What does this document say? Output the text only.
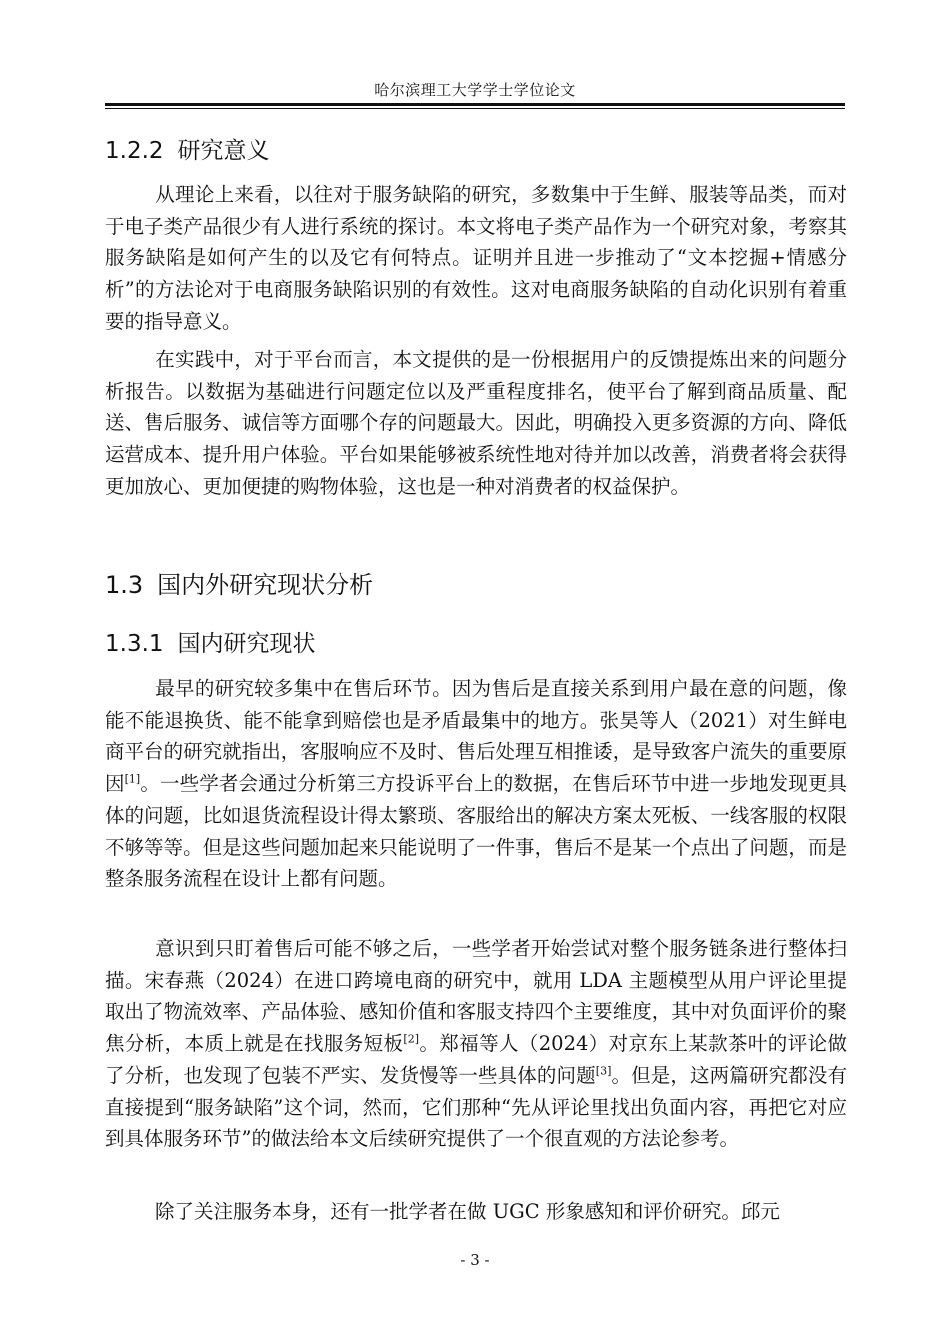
哈尔滨理工大学学士学位论文
1.2.2 研究意义

从理论上来看，以往对于服务缺陷的研究，多数集中于生鲜、服装等品类，而对于电子类产品很少有人进行系统的探讨。本文将电子类产品作为一个研究对象，考察其服务缺陷是如何产生的以及它有何特点。证明并且进一步推动了“文本挖掘+情感分析”的方法论对于电商服务缺陷识别的有效性。这对电商服务缺陷的自动化识别有着重要的指导意义。

在实践中，对于平台而言，本文提供的是一份根据用户的反馈提炼出来的问题分析报告。以数据为基础进行问题定位以及严重程度排名，使平台了解到商品质量、配送、售后服务、诚信等方面哪个存的问题最大。因此，明确投入更多资源的方向、降低运营成本、提升用户体验。平台如果能够被系统性地对待并加以改善，消费者将会获得更加放心、更加便捷的购物体验，这也是一种对消费者的权益保护。

1.3 国内外研究现状分析
1.3.1 国内研究现状

最早的研究较多集中在售后环节。因为售后是直接关系到用户最在意的问题，像能不能退换货、能不能拿到赔偿也是矛盾最集中的地方。张昊等人（2021）对生鲜电商平台的研究就指出，客服响应不及时、售后处理互相推诿，是导致客户流失的重要原因[1]。一些学者会通过分析第三方投诉平台上的数据，在售后环节中进一步地发现更具体的问题，比如退货流程设计得太繁琐、客服给出的解决方案太死板、一线客服的权限不够等等。但是这些问题加起来只能说明了一件事，售后不是某一个点出了问题，而是整条服务流程在设计上都有问题。

意识到只盯着售后可能不够之后，一些学者开始尝试对整个服务链条进行整体扫描。宋春燕（2024）在进口跨境电商的研究中，就用 LDA 主题模型从用户评论里提取出了物流效率、产品体验、感知价值和客服支持四个主要维度，其中对负面评价的聚焦分析，本质上就是在找服务短板[2]。郑福等人（2024）对京东上某款茶叶的评论做了分析，也发现了包装不严实、发货慢等一些具体的问题[3]。但是，这两篇研究都没有直接提到“服务缺陷”这个词，然而，它们那种“先从评论里找出负面内容，再把它对应到具体服务环节”的做法给本文后续研究提供了一个很直观的方法论参考。

除了关注服务本身，还有一批学者在做 UGC 形象感知和评价研究。邱元

- 3 -
